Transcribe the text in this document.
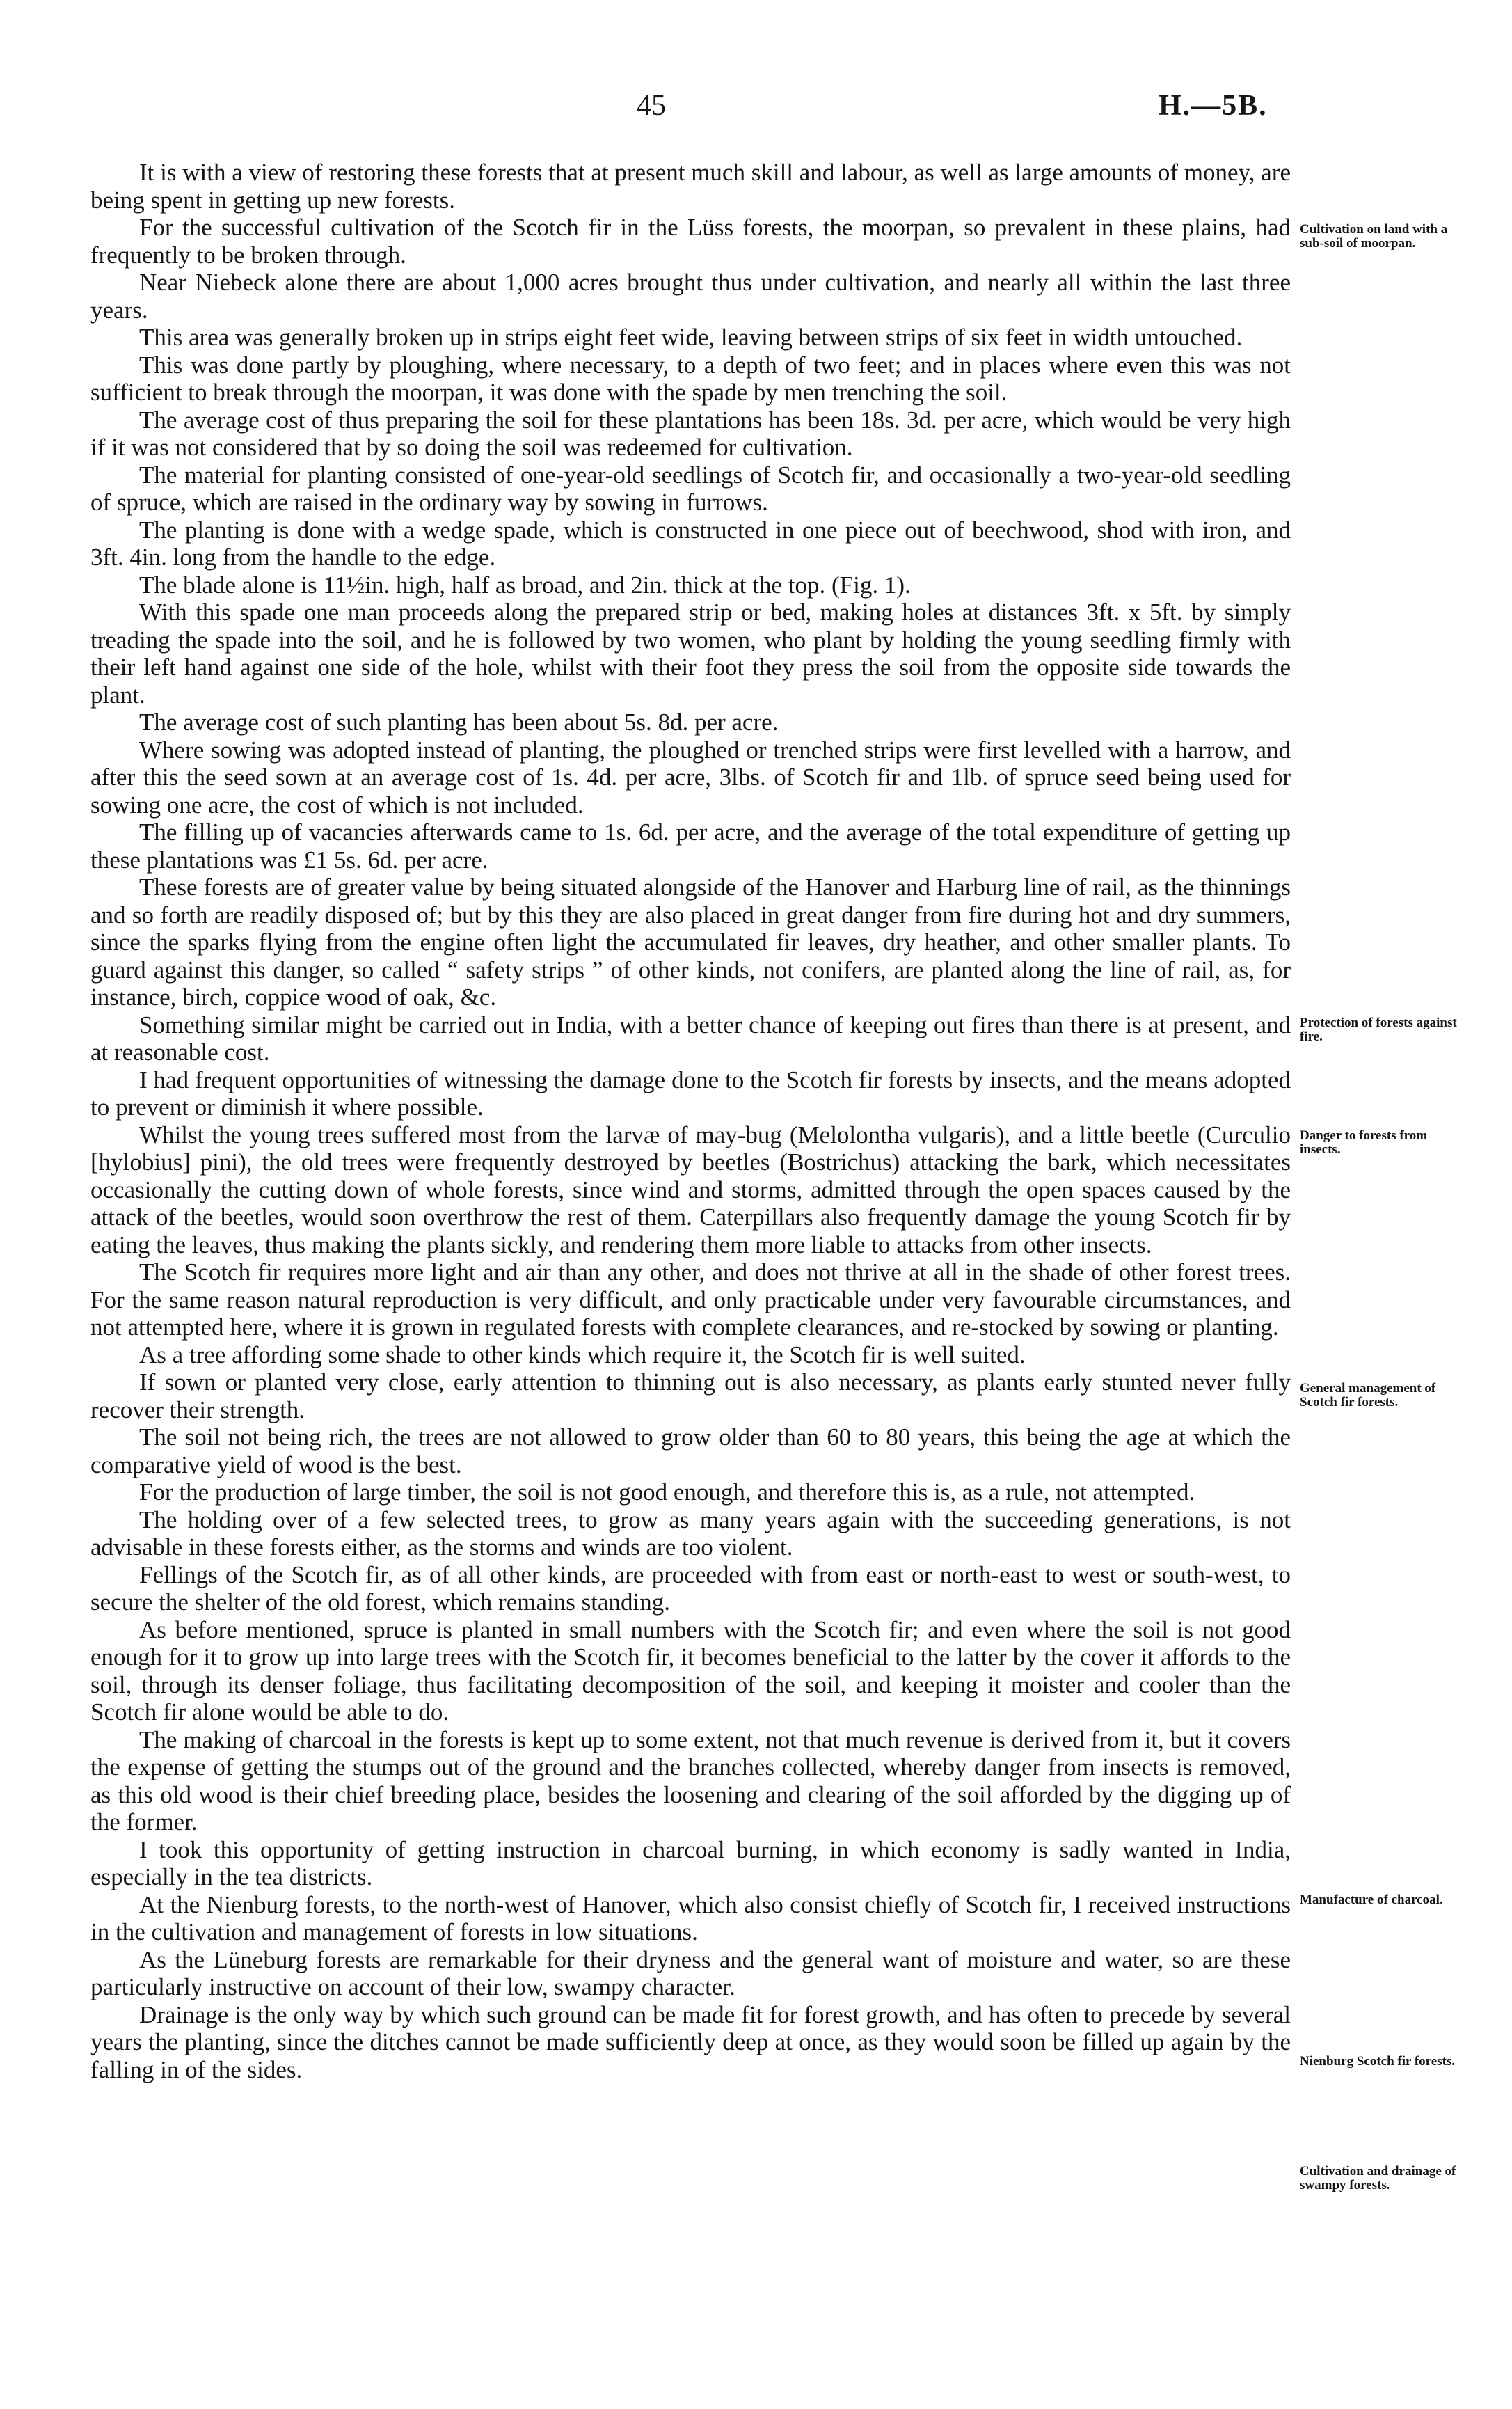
45	H.—5B.

It is with a view of restoring these forests that at present much skill and labour, as well as large amounts of money, are being spent in getting up new forests.

For the successful cultivation of the Scotch fir in the Lüss forests, the moorpan, so prevalent in these plains, had frequently to be broken through.

Near Niebeck alone there are about 1,000 acres brought thus under cultivation, and nearly all within the last three years.

This area was generally broken up in strips eight feet wide, leaving between strips of six feet in width untouched.

This was done partly by ploughing, where necessary, to a depth of two feet; and in places where even this was not sufficient to break through the moorpan, it was done with the spade by men trenching the soil.

The average cost of thus preparing the soil for these plantations has been 18s. 3d. per acre, which would be very high if it was not considered that by so doing the soil was redeemed for cultivation.

The material for planting consisted of one-year-old seedlings of Scotch fir, and occasionally a two-year-old seedling of spruce, which are raised in the ordinary way by sowing in furrows.

The planting is done with a wedge spade, which is constructed in one piece out of beechwood, shod with iron, and 3ft. 4in. long from the handle to the edge.

The blade alone is 11½in. high, half as broad, and 2in. thick at the top. (Fig. 1).

With this spade one man proceeds along the prepared strip or bed, making holes at distances 3ft. x 5ft. by simply treading the spade into the soil, and he is followed by two women, who plant by holding the young seedling firmly with their left hand against one side of the hole, whilst with their foot they press the soil from the opposite side towards the plant.

The average cost of such planting has been about 5s. 8d. per acre.

Where sowing was adopted instead of planting, the ploughed or trenched strips were first levelled with a harrow, and after this the seed sown at an average cost of 1s. 4d. per acre, 3lbs. of Scotch fir and 1lb. of spruce seed being used for sowing one acre, the cost of which is not included.

The filling up of vacancies afterwards came to 1s. 6d. per acre, and the average of the total expenditure of getting up these plantations was £1 5s. 6d. per acre.

These forests are of greater value by being situated alongside of the Hanover and Harburg line of rail, as the thinnings and so forth are readily disposed of; but by this they are also placed in great danger from fire during hot and dry summers, since the sparks flying from the engine often light the accumulated fir leaves, dry heather, and other smaller plants. To guard against this danger, so called “ safety strips ” of other kinds, not conifers, are planted along the line of rail, as, for instance, birch, coppice wood of oak, &c.

Something similar might be carried out in India, with a better chance of keeping out fires than there is at present, and at reasonable cost.

I had frequent opportunities of witnessing the damage done to the Scotch fir forests by insects, and the means adopted to prevent or diminish it where possible.

Whilst the young trees suffered most from the larvæ of may-bug (Melolontha vulgaris), and a little beetle (Curculio [hylobius] pini), the old trees were frequently destroyed by beetles (Bostrichus) attacking the bark, which necessitates occasionally the cutting down of whole forests, since wind and storms, admitted through the open spaces caused by the attack of the beetles, would soon overthrow the rest of them. Caterpillars also frequently damage the young Scotch fir by eating the leaves, thus making the plants sickly, and rendering them more liable to attacks from other insects.

The Scotch fir requires more light and air than any other, and does not thrive at all in the shade of other forest trees. For the same reason natural reproduction is very difficult, and only practicable under very favourable circumstances, and not attempted here, where it is grown in regulated forests with complete clearances, and re-stocked by sowing or planting.

As a tree affording some shade to other kinds which require it, the Scotch fir is well suited.

If sown or planted very close, early attention to thinning out is also necessary, as plants early stunted never fully recover their strength.

The soil not being rich, the trees are not allowed to grow older than 60 to 80 years, this being the age at which the comparative yield of wood is the best.

For the production of large timber, the soil is not good enough, and therefore this is, as a rule, not attempted.

The holding over of a few selected trees, to grow as many years again with the succeeding generations, is not advisable in these forests either, as the storms and winds are too violent.

Fellings of the Scotch fir, as of all other kinds, are proceeded with from east or north-east to west or south-west, to secure the shelter of the old forest, which remains standing.

As before mentioned, spruce is planted in small numbers with the Scotch fir; and even where the soil is not good enough for it to grow up into large trees with the Scotch fir, it becomes beneficial to the latter by the cover it affords to the soil, through its denser foliage, thus facilitating decomposition of the soil, and keeping it moister and cooler than the Scotch fir alone would be able to do.

The making of charcoal in the forests is kept up to some extent, not that much revenue is derived from it, but it covers the expense of getting the stumps out of the ground and the branches collected, whereby danger from insects is removed, as this old wood is their chief breeding place, besides the loosening and clearing of the soil afforded by the digging up of the former.

I took this opportunity of getting instruction in charcoal burning, in which economy is sadly wanted in India, especially in the tea districts.

At the Nienburg forests, to the north-west of Hanover, which also consist chiefly of Scotch fir, I received instructions in the cultivation and management of forests in low situations.

As the Lüneburg forests are remarkable for their dryness and the general want of moisture and water, so are these particularly instructive on account of their low, swampy character.

Drainage is the only way by which such ground can be made fit for forest growth, and has often to precede by several years the planting, since the ditches cannot be made sufficiently deep at once, as they would soon be filled up again by the falling in of the sides.

Cultivation on land with a sub-soil of moorpan.
Protection of forests against fire.
Danger to forests from insects.
General management of Scotch fir forests.
Manufacture of charcoal.
Nienburg Scotch fir forests.
Cultivation and drainage of swampy forests.
